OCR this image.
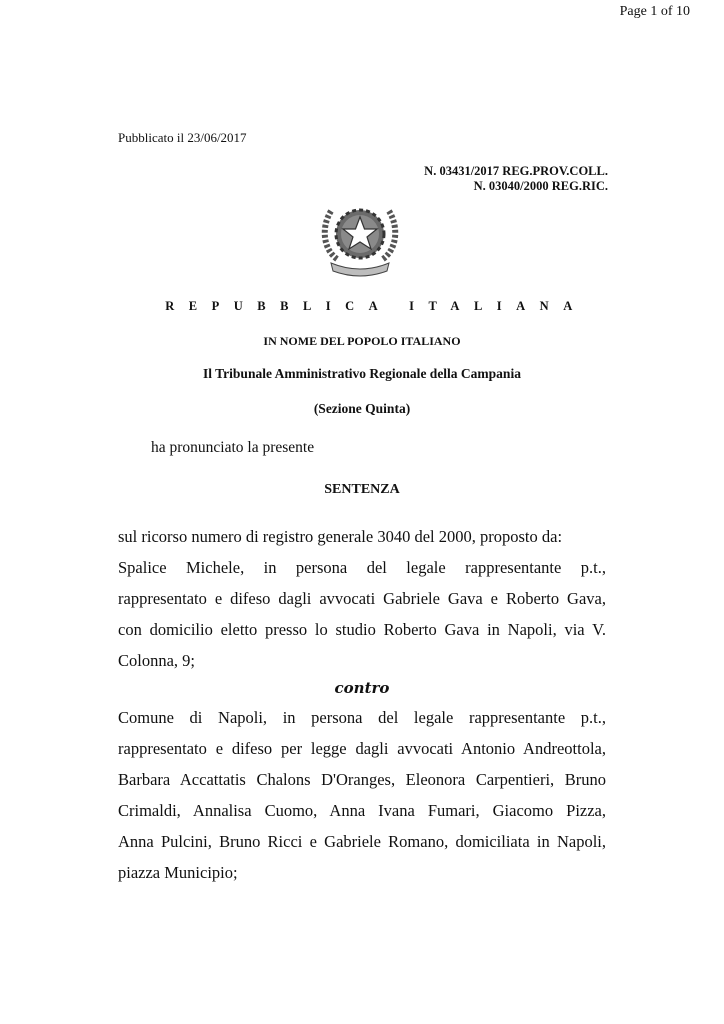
Page 1 of 10
Pubblicato il 23/06/2017
N. 03431/2017 REG.PROV.COLL.
N. 03040/2000 REG.RIC.
REPUBBLICA ITALIANA
IN NOME DEL POPOLO ITALIANO
Il Tribunale Amministrativo Regionale della Campania
(Sezione Quinta)
ha pronunciato la presente
SENTENZA
sul ricorso numero di registro generale 3040 del 2000, proposto da:
Spalice Michele, in persona del legale rappresentante p.t.,
rappresentato e difeso dagli avvocati Gabriele Gava e Roberto Gava,
con domicilio eletto presso lo studio Roberto Gava in Napoli, via V.
Colonna, 9;
contro
Comune di Napoli, in persona del legale rappresentante p.t.,
rappresentato e difeso per legge dagli avvocati Antonio Andreottola,
Barbara Accattatis Chalons D'Oranges, Eleonora Carpentieri, Bruno
Crimaldi, Annalisa Cuomo, Anna Ivana Fumari, Giacomo Pizza,
Anna Pulcini, Bruno Ricci e Gabriele Romano, domiciliata in Napoli,
piazza Municipio;
